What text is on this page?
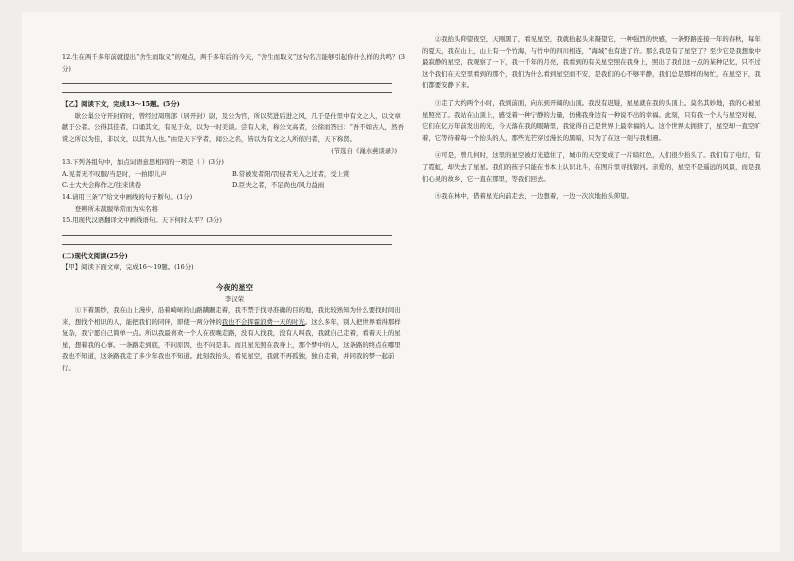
12.生在两千多年前就提出“舍生而取义”的观点，两千多年后的今天，“舍生而取义”这句名言能够引起你什么样的共鸣？(3分)

【乙】阅读下文，完成13～15题。(5分)

耿公巢公守开封府时，曾经过周刑部（居开封）尉，及公为官，所以奖进后进之风，几于是仕里中有文之人，以文章献于公者。公得其佳者，口诵其文，有见于众，以为一时美谈。尝有人来，称公文高者，公徐而答曰：“吾不如古人，然吾赏之所以为佳，非以文，以其为人也。”由是天下学者，闻公之名，皆以为有文之人所依归者，天下称贤。

(节选自《渑水燕谈录》)

13.下列各组句中，加点词语意思相同的一项是（ ）(3分)

A.见者无不叹服/当是时，一拍即儿声	B.常被发者阳/罚侵者无入之过者，受上赏
C.士大夫会称作之/往来读卷	D.臣夫之者，不足尚也/风力益雨

14.请用三条“/”给文中画线的句子断句。(1分)

登辨所未裁服举常而为实名将

15.用现代汉语翻译文中画线语句。天下何时太平？(3分)

(二)现代文阅读(25分)

【甲】阅读下面文章，完成16～19题。(16分)

今夜的星空

李汉荣

①下着黑纱，我在山上漫步，沿着崎岖的山路蹒跚走着，我不禁于找寻准确的目的地，我比较熟知为什么要找时间出来，想找个相识的人，能把我们的同伴，即使一两分钟的我也不会挥霍浪费一天的时光。这么多年，别人把世界看得那样复杂，我宁愿自己简单一点。所以我最喜欢一个人在夜晚走路，没有人找我，没有人叫我，我就自己走着，看着天上的星星，想着我的心事。一条路走到底，不问原因，也不问是非。而且星光照在我身上，那个梦中的人，这条路的终点在哪里我也不知道，这条路我走了多少年我也不知道。此刻我抬头，看见星空，我就不再孤独，独自走着，并同我的梦一起前行。

②我抬头仰望夜空，天刚黑了，看见星空，我就抬起头来凝望它，一种强烈的快感，一条野路连接一年的春秋，每年的夏天，我在山上，山上有一个竹海，与竹中的四川相连，“海域”也有进了许。那么我是有了星空了？至少它是我想象中最寂静的星空，我观察了一下，我一千年的月亮，我看到的有关星空照在我身上，照出了我们这一点的某种记忆，只不过这个我们在天空里看到的那个，我们为什么看到星空而不安，是我们的心不够平静，我们总是那样的匆忙，在星空下，我们都要安静下来。

③走了大约两个小时，我到前面，向东到开阔的山顶。我没有迟疑，星星就在我的头顶上。莫名其妙地，我的心被星星照亮了。我站在山顶上，感受着一种宁静的力量，仿佛我身边有一种说不出的幸福。此刻，只有我一个人与星空对视，它们在亿万年前发出的光，今天落在我的眼睛里，我觉得自己是世界上最幸福的人。这个世界太拥挤了，星空却一直空旷着，它等待着每一个抬头的人，那些光芒穿过漫长的黑暗，只为了在这一刻与我相遇。

④可是，曾几何时，这里的星空被灯光遮住了，城市的天空变成了一片暗红色，人们很少抬头了。我们有了电灯，有了霓虹，却失去了星星。我们的孩子只能在书本上认识北斗，在图片里寻找银河。亲爱的，星空不是遥远的风景，而是我们心灵的故乡，它一直在那里，等我们回去。

⑤我在林中，借着星光向前走去，一边想着，一边一次次地抬头仰望。
